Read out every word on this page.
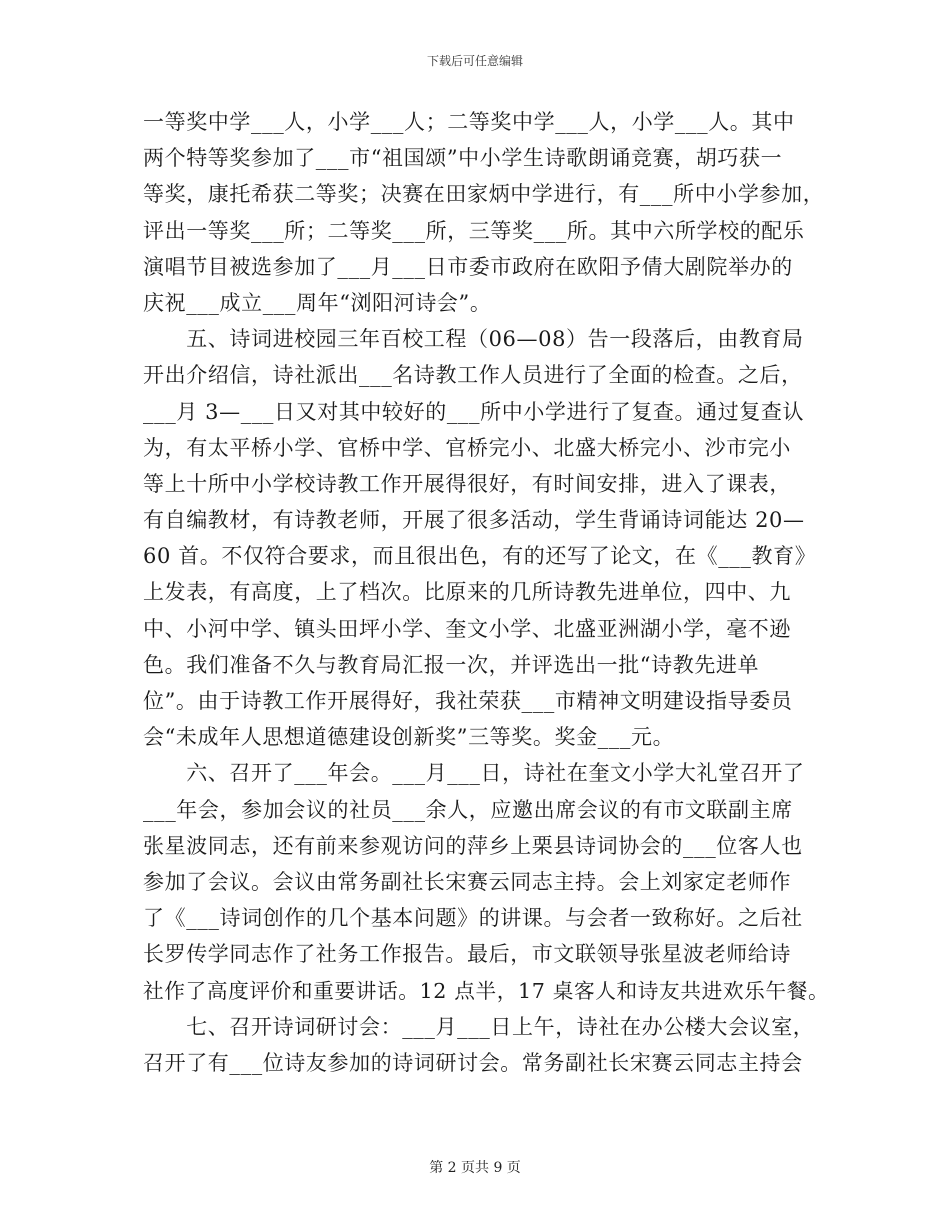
下载后可任意编辑
一等奖中学___人，小学___人；二等奖中学___人，小学___人。其中
两个特等奖参加了___市“祖国颂”中小学生诗歌朗诵竞赛，胡巧获一
等奖，康托希获二等奖；决赛在田家炳中学进行，有___所中小学参加，
评出一等奖___所；二等奖___所，三等奖___所。其中六所学校的配乐
演唱节目被选参加了___月___日市委市政府在欧阳予倩大剧院举办的
庆祝___成立___周年“浏阳河诗会”。
　　五、诗词进校园三年百校工程（06—08）告一段落后，由教育局
开出介绍信，诗社派出___名诗教工作人员进行了全面的检查。之后，
___月 3—___日又对其中较好的___所中小学进行了复查。通过复查认
为，有太平桥小学、官桥中学、官桥完小、北盛大桥完小、沙市完小
等上十所中小学校诗教工作开展得很好，有时间安排，进入了课表，
有自编教材，有诗教老师，开展了很多活动，学生背诵诗词能达 20—
60 首。不仅符合要求，而且很出色，有的还写了论文，在《___教育》
上发表，有高度，上了档次。比原来的几所诗教先进单位，四中、九
中、小河中学、镇头田坪小学、奎文小学、北盛亚洲湖小学，毫不逊
色。我们准备不久与教育局汇报一次，并评选出一批“诗教先进单
位”。由于诗教工作开展得好，我社荣获___市精神文明建设指导委员
会“未成年人思想道德建设创新奖”三等奖。奖金___元。
　　六、召开了___年会。___月___日，诗社在奎文小学大礼堂召开了
___年会，参加会议的社员___余人，应邀出席会议的有市文联副主席
张星波同志，还有前来参观访问的萍乡上栗县诗词协会的___位客人也
参加了会议。会议由常务副社长宋赛云同志主持。会上刘家定老师作
了《___诗词创作的几个基本问题》的讲课。与会者一致称好。之后社
长罗传学同志作了社务工作报告。最后，市文联领导张星波老师给诗
社作了高度评价和重要讲话。12 点半，17 桌客人和诗友共进欢乐午餐。
　　七、召开诗词研讨会：___月___日上午，诗社在办公楼大会议室，
召开了有___位诗友参加的诗词研讨会。常务副社长宋赛云同志主持会
第 2 页共 9 页
